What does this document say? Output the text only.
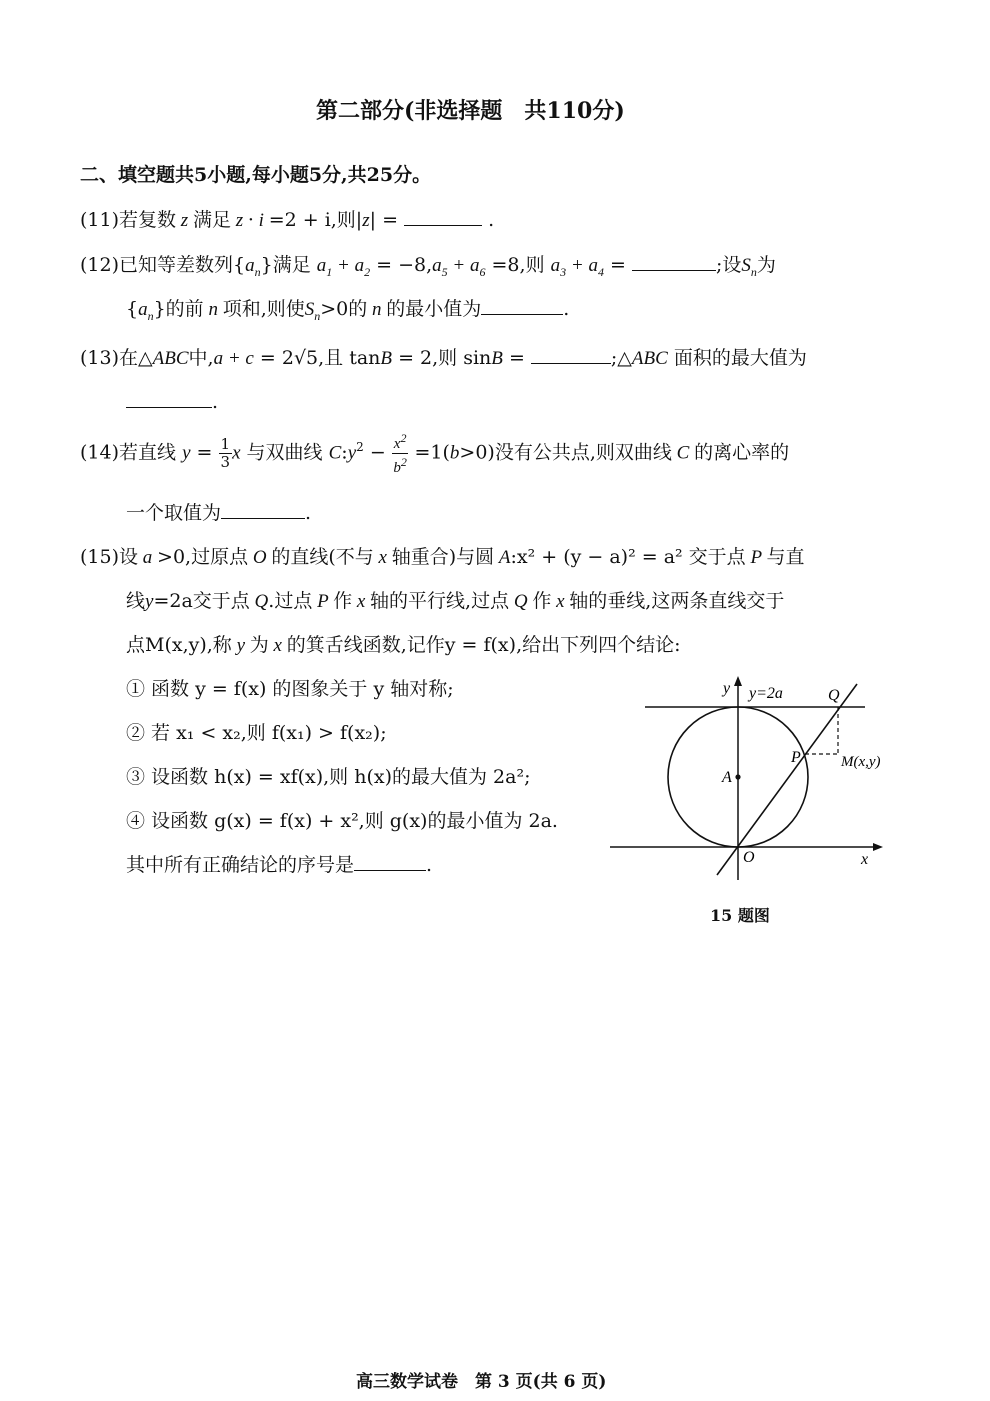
第二部分(非选择题　共110分)
二、填空题共5小题,每小题5分,共25分。
(11)若复数 z 满足 z · i =2 + i,则|z| =	.
(12)已知等差数列$\{a_n\}$满足 $a_1 + a_2 = -8,a_5 + a_6 =8$,则 $a_3 + a_4$ =	;设$S_n$为
$\{a_n\}$的前 n 项和,则使$S_n>0$的 n 的最小值为	.
(13)在△ABC中,a + c = 2√5,且 tanB = 2,则 sinB =	;△ABC 面积的最大值为
.
(14)若直线 $y = \frac{1}{3}$ x 与双曲线 $C:y^2 - \frac{x^2}{b^2} =1(b>0)$没有公共点,则双曲线 C 的离心率的
一个取值为	.
(15)设 a >0,过原点 O 的直线(不与 x 轴重合)与圆 A:x² + (y − a)² = a² 交于点 P 与直
线y=2a交于点 Q.过点 P 作 x 轴的平行线,过点 Q 作 x 轴的垂线,这两条直线交于
点M(x,y),称 y 为 x 的箕舌线函数,记作y = f(x),给出下列四个结论:
① 函数 y = f(x) 的图象关于 y 轴对称;
② 若 x₁ < x₂,则 f(x₁) > f(x₂);
③ 设函数 h(x) = xf(x),则 h(x)的最大值为 2a²;
④ 设函数 g(x) = f(x) + x²,则 g(x)的最小值为 2a.
其中所有正确结论的序号是	.
y y=2a	Q
P	M(x,y)
A
O	x
15 题图
高三数学试卷　第 3 页(共 6 页)
